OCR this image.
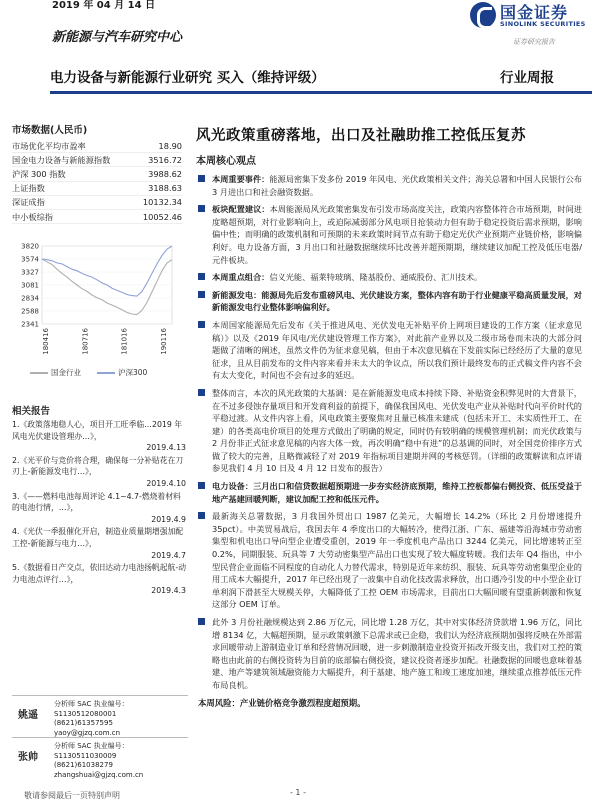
2019 年 04 月 14 日
新能源与汽车研究中心
国金证券
SINOLINK SECURITIES
证券研究报告
电力设备与新能源行业研究 买入（维持评级）	行业周报
市场数据(人民币)
市场优化平均市盈率	18.90
国金电力设备与新能源指数	3516.72
沪深 300 指数	3988.62
上证指数	3188.63
深证成指	10132.34
中小板综指	10052.46
3820
3574
3327
3081
2834
2588
2341
180416	180716	181016	190116
国金行业	沪深300
相关报告
1.《政策落地稳人心，项目开工旺季临…2019 年风电光伏建设管理办…》，
2019.4.13
2.《光平价与竞价将合理，确保每一分补贴花在刀刃上-新能源发电行…》，
2019.4.10
3.《——燃料电池每周评论 4.1~4.7-燃烧着材料的电池行情，…》，
2019.4.9
4.《光伏一季报催化开启，制造业质量期增强加配工控-新能源与电力…》，
2019.4.7
5.《数据看日产交点，依旧达动力电池扬帆起航-动力电池点评行…》，
2019.4.3
姚遥
分析师 SAC 执业编号：S1130512080001
(8621)61357595
yaoy@gjzq.com.cn
张帅
分析师 SAC 执业编号：S1130511030009
(8621)61038279
zhangshuai@gjzq.com.cn
敬请参阅最后一页特别声明	- 1 -
风光政策重磅落地，出口及社融助推工控低压复苏
本周核心观点
本周重要事件：能源局密集下发多份 2019 年风电、光伏政策相关文件；海关总署和中国人民银行公布 3 月进出口和社会融资数据。
板块配置建议：本周能源局风光政策密集发布引发市场高度关注，政策内容整体符合市场预期，时间进度略超预期，对行业影响向上，或迫际减弱部分风电项目抢装动力但有助于稳定投资后需求预期，影响偏中性；而明确的政策机制和可预期的未来政策时间节点有助于稳定光伏产业预期产业链价格，影响偏利好。电力设备方面，3 月出口和社融数据继续环比改善并超预期期，继续建议加配工控及低压电器/元件板块。
本周重点组合：信义光能、福莱特玻璃、隆基股份、通威股份、汇川技术。
新能源发电：能源局先后发布重磅风电、光伏建设方案，整体内容有助于行业健康平稳高质量发展，对新能源发电行业整体影响偏利好。
本周国家能源局先后发布《关于推进风电、光伏发电无补贴平价上网项目建设的工作方案（征求意见稿）》以及《2019 年风电/光伏建设管理工作方案》，对此前产业界以及二级市场卷而未决的大部分问题做了清晰的阐述，虽然文件仍为征求意见稿，但由于本次意见稿在下发前实际已经经历了大量的意见征求，且从目前发布的文件内容来看并未太大的争议点，所以我们预计最终发布的正式稿文件内容不会有太大变化，时间也不会有过多的延迟。
整体而言，本次的风光政策的大基调：是在新能源发电成本持续下降、补贴资金积弊见时的大背景下，在不过多侵蚀存量项目和开发商利益的前提下，确保我国风电、光伏发电产业从补贴时代向平价时代的平稳过渡。从文件内容上看，风电政策主要聚焦对且量已核准未建成（包括未开工、未实质性开工、在建）的各类高电价项目的处理方式做出了明确的规定，同时仍有较明确的规模管理机制；而光伏政策与 2 月份非正式征求意见稿的内容大体一致，再次明确“稳中有进”的总基调的同时，对全国竞价排序方式做了较大的完善，且略微减轻了对 2019 年指标项目建期并网的考核惩罚。（详细的政策解读和点评请参见我们 4 月 10 日及 4 月 12 日发布的报告）
电力设备：三月出口和信贷数据超预期进一步夯实经济底预期，维持工控板都偏右侧投资、低压受益于地产基建回暖判断，建议加配工控和低压元件。
最新海关总署数据，3 月我国外贸出口 1987 亿美元，大幅增长 14.2%（环比 2 月份增速提升 35pct）。中美贸易战后，我国去年 4 季度出口的大幅转冷，使得江浙、广东、福建等沿海城市劳动密集型和机电出口导向型企业遭受重创，2019 年一季度机电产品出口 3244 亿美元，同比增速转正至 0.2%，同期服装、玩具等 7 大劳动密集型产品出口也实现了较大幅度转暖。我们去年 Q4 指出，中小型民营企业面临不同程度的自动化人力替代需求，特别是近年来纺织、服装、玩具等劳动密集型企业的用工成本大幅提升，2017 年已经出现了一波集中自动化技改需求释放，出口遇冷引发的中小型企业订单利润下滑甚至大规模关停，大幅降低了工控 OEM 市场需求，目前出口大幅回暖有望重新刺激和恢复这部分 OEM 订单。
此外 3 月份社融规模达到 2.86 万亿元，同比增 1.28 万亿，其中对实体经济贷款增 1.96 万亿，同比增 8134 亿，大幅超预期，显示政策刺激下总需求或已企稳，我们认为经济底预期加强将反映在外部需求回暖带动上游制造业订单和经营情况回暖，进一步刺激制造业投资开拓改开级支出，我们对工控的策略也由此前的右侧投资转为目前的底部偏右侧投资，建议投资者逐步加配。社融数据的回暖也意味着基建、地产等建筑领域融资能力大幅提升，利于基建、地产施工和竣工速度加速，继续重点推荐低压元件布局良机。
本周风险：产业链价格竞争激烈程度超预期。
